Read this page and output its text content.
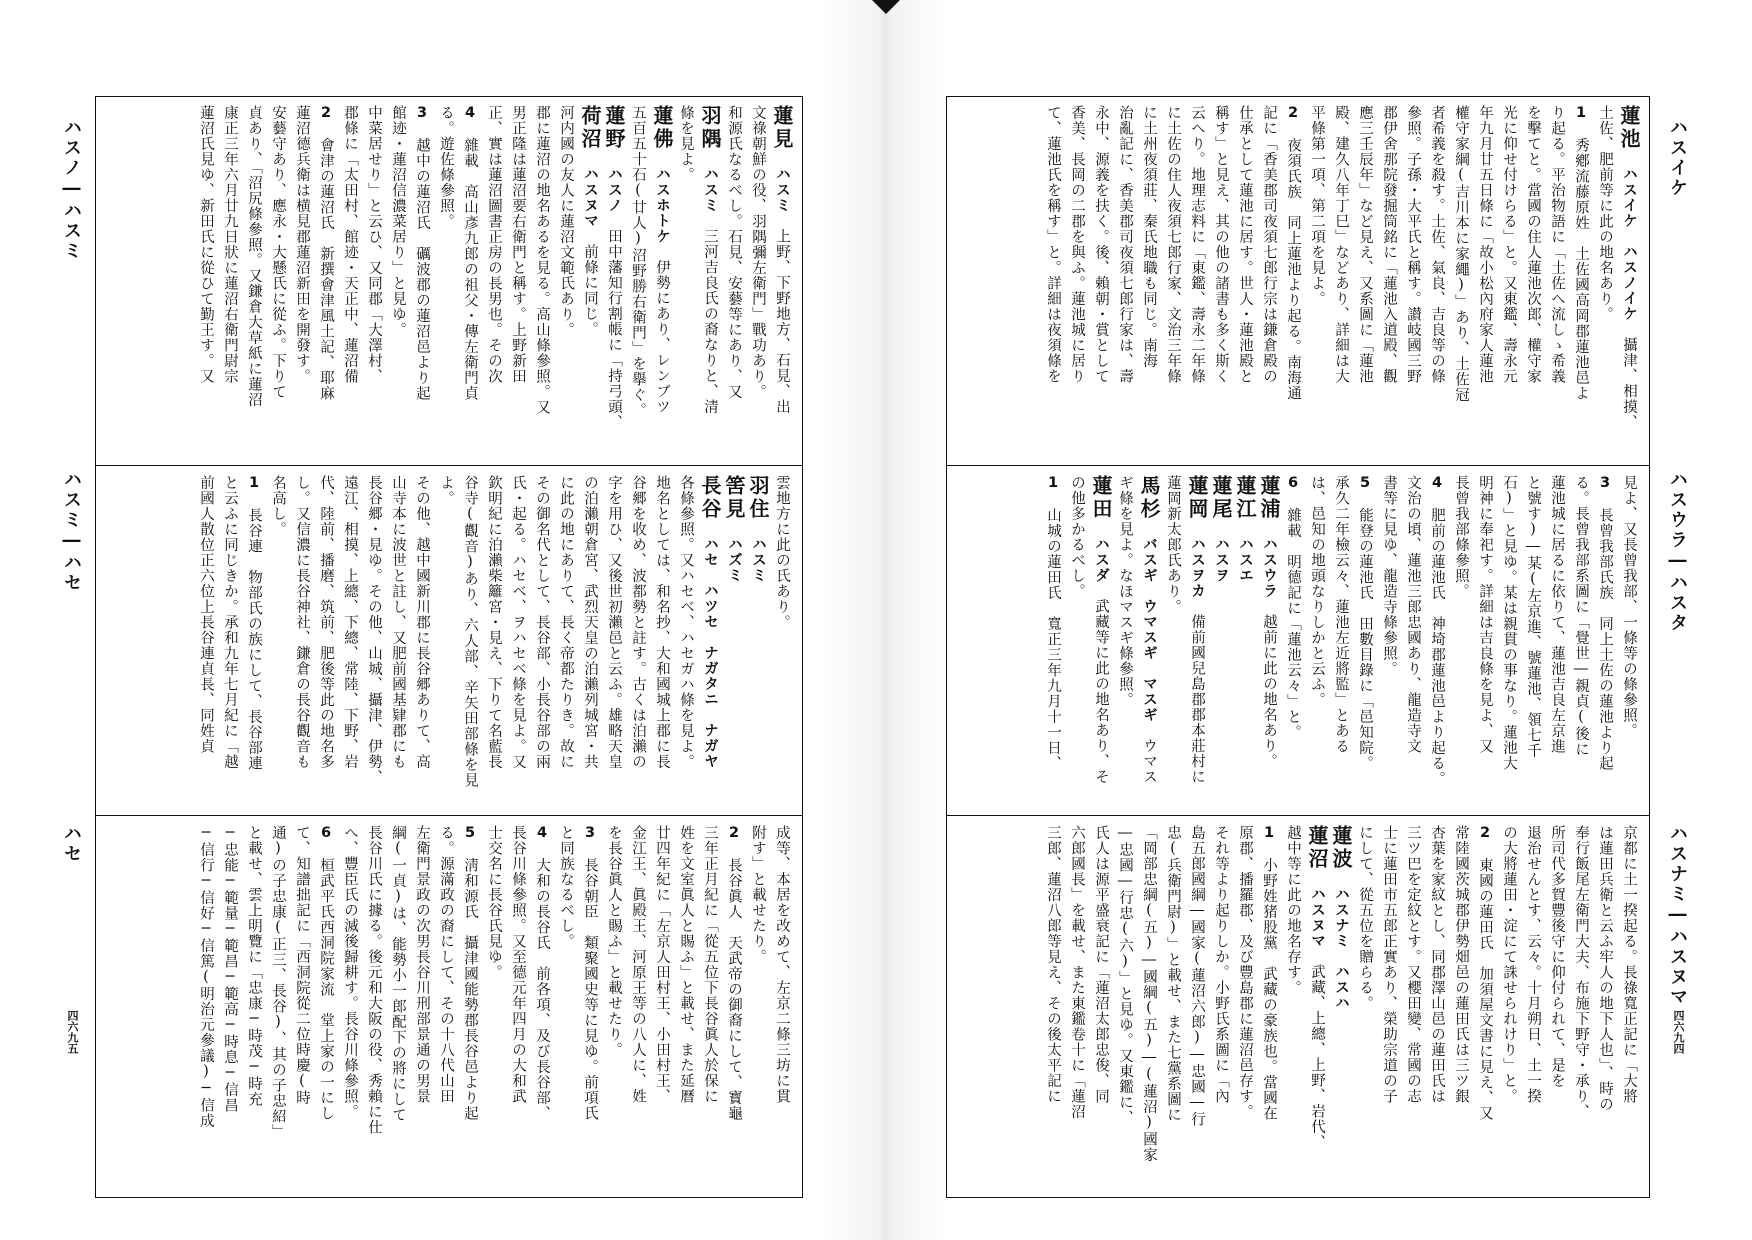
蓮見　ハスミ　上野、下野地方、石見、出

文祿朝鮮の役、羽隅彌左衛門」戰功あり。

和源氏なるべし。石見、安藝等にあり、又

羽隅　ハスミ　三河吉良氏の裔なりと、清

條を見よ。

蓮佛　ハスホトケ　伊勢にあり、レンブツ

五百五十石(廿人)沼野勝右衛門」を擧ぐ。

蓮野　ハスノ　田中藩知行割帳に「持弓頭、

荷沼　ハスヌマ　前條に同じ。

河内國の友人に蓮沼文範氏あり。

郡に蓮沼の地名あるを見る。高山條參照。又

男正隆は蓮沼要右衛門と稱す。上野新田

正、實は蓮沼圖書正房の長男也。その次

4　雜載　高山彥九郎の祖父・傳左衛門貞

る。遊佐條參照。

3　越中の蓮沼氏　礪波郡の蓮沼邑より起

館迹・蓮沼信濃菜居り」と見ゆ。

中菜居せり」と云ひ、又同郡「大澤村、

郡條に「太田村、館迹・天正中、蓮沼備

2　會津の蓮沼氏　新撰會津風土記、耶麻

蓮沼德兵衛は横見郡蓮沼新田を開發す。

安藝守あり、應永・大懸氏に從ふ。下りて

貞あり、「沼尻條參照。又鎌倉大草紙に蓮沼

康正三年六月廿九日狀に蓮沼右衛門尉宗

蓮沼氏見ゆ、新田氏に從ひて勤王す。又

雲地方に此の氏あり。

羽住　ハスミ　

筈見　ハズミ　

長谷　ハセ　ハツセ　ナガタニ　ナガヤ　

各條參照。又ハセベ、ハセガハ條を見よ。

地名としては、和名抄、大和國城上郡に長

谷郷を收め、波都勢と註す。古くは泊瀨の

字を用ひ、又後世初瀨邑と云ふ。雄略天皇

の泊瀨朝倉宮、武烈天皇の泊瀨列城宮・共

に此の地にありて、長く帝都たりき。故に

その御名代として、長谷部、小長谷部の兩

氏・起る。ハセベ、ヲハセベ條を見よ。又

欽明紀に泊瀨柴籬宮・見え、下りて名藍長

谷寺(觀音)あり、六人部、辛矢田部條を見

よ。

その他、越中國新川郡に長谷郷ありて、高

山寺本に波世と註し、又肥前國基肄郡にも

長谷郷・見ゆ。その他、山城、攝津、伊勢、

遠江、相摸、上總、下總、常陸、下野、岩

代、陸前、播磨、筑前、肥後等此の地名多

し。又信濃に長谷神社、鎌倉の長谷觀音も

名高し。

1　長谷連　物部氏の族にして、長谷部連

と云ふに同じきか。承和九年七月紀に「越

前國人散位正六位上長谷連貞長、同姓貞

成等、本居を改めて、左京二條三坊に貫

附す」と載せたり。

2　長谷眞人　天武帝の御裔にして、寳龜

三年正月紀に「從五位下長谷眞人於保に

姓を文室眞人と賜ふ」と載せ、また延曆

廿四年紀に「左京人田村王、小田村王、

金江王、眞殿王、河原王等の八人に、姓

を長谷眞人と賜ふ」と載せたり。

3　長谷朝臣　類聚國史等に見ゆ。前項氏

と同族なるべし。

4　大和の長谷氏　前各項、及び長谷部、

長谷川條參照。又至德元年四月の大和武

士交名に長谷氏見ゆ。

5　淸和源氏　攝津國能勢郡長谷邑より起

る。源滿政の裔にして、その十八代山田

左衛門景政の次男長谷川刑部景通の男景

綱(一貞)は、能勢小一郎配下の將にして

長谷川氏に據る。後元和大阪の役、秀賴に仕

へ、豐臣氏の滅後歸耕す。長谷川條參照。

6　桓武平氏西洞院家流　堂上家の一にし

て、知譜拙記に「西洞院從二位時慶(時

通)の子忠康(正三、長谷)、其の子忠紹」

と載せ、雲上明覽に「忠康─時茂─時充

─忠能─範量─範昌─範高─時息─信昌

─信行─信好─信篤(明治元參議)─信成

ハスノ―ハスミ
ハスミ―ハセ
ハセ
四六九五

蓮池　ハスイケ　ハスノイケ　攝津、相摸、

土佐、肥前等に此の地名あり。

1　秀鄕流藤原姓　土佐國高岡郡蓮池邑よ

り起る。平治物語に「土佐へ流しゝ希義

を擊てと。當國の住人蓮池次郎、權守家

光に仰せ付けらる」と。又東鑑、壽永元

年九月廿五日條に「故小松內府家人蓮池

權守家綱(吉川本に家繩)」あり、土佐冠

者希義を殺す。土佐、氣良、吉良等の條

參照。子孫・大平氏と稱す。讃岐國三野

郡伊舍那院發掘筒銘に「蓮池入道殿、觀

應三壬辰年」など見え、又系圖に「蓮池

殿、建久八年丁巳」などあり、詳細は大

平條第一項、第二項を見よ。

2　夜須氏族　同上蓮池より起る。南海通

記に「香美郡司夜須七郎行宗は鎌倉殿の

仕承として蓮池に居す。世人・蓮池殿と

稱す」と見え、其の他の諸書も多く斯く

云へり。地理志料に「東鑑、壽永二年條

に土佐の住人夜須七郎行家、文治三年條

に土州夜須莊、秦氏地職も同じ。南海

治亂記に、香美郡司夜須七郎行家は、壽

永中、源義を扶く。後、賴朝・賞として

香美、長岡の二郡を與ふ。蓮池城に居り

て、蓮池氏を稱す」と。詳細は夜須條を

見よ、又長曾我部、一條等の條參照。

3　長曾我部氏族　同上土佐の蓮池より起

る。長曾我部系圖に「覺世―親貞(後に

蓮池城に居るに依りて、蓮池吉良左京進

と號す)―某(左京進、號蓮池、領七千

石)」と見ゆ。某は親貫の事なり。蓮池大

明神に奉祀す。詳細は吉良條を見よ、又

長曾我部條參照。

4　肥前の蓮池氏　神埼郡蓮池邑より起る。

文治の頃、蓮池三郎忠國あり、龍造寺文

書等に見ゆ、龍造寺條參照。

5　能登の蓮池氏　田數目錄に「邑知院。

承久二年檢云々、蓮池左近將監」とある

は、邑知の地頭なりしかと云ふ。

6　雜載　明德記に「蓮池云々」と。

蓮浦　ハスウラ　越前に此の地名あり。

蓮江　ハスエ　

蓮尾　ハスヲ　

蓮岡　ハスヲカ　備前國兒島郡郡本莊村に

蓮岡新太郎氏あり。

馬杉　バスギ　ウマスギ　マスギ　ウマス

ギ條を見よ。なほマスギ條參照。

蓮田　ハスダ　武藏等に此の地名あり、そ

の他多かるべし。

1　山城の蓮田氏　寬正三年九月十一日、

京都に土一揆起る。長祿寬正記に「大將

は蓮田兵衛と云ふ牢人の地下人也」、時の

奉行飯尾左衛門大夫、布施下野守・承り、

所司代多賀豐後守に仰付られて、是を

退治せんとす、云々。十月朔日、土一揆

の大將蓮田・淀にて誅せられけり」と。

2　東國の蓮田氏　加須屋文書に見え、又

常陸國茨城郡伊勢畑邑の蓮田氏は三ツ銀

杏葉を家紋とし、同郡澤山邑の蓮田氏は

三ツ巴を定紋とす。又櫻田變、常國の志

士に蓮田市五郎正實あり、榮助宗道の子

にして、從五位を贈らる。

蓮波　ハスナミ　ハスハ　

蓮沼　ハスヌマ　武藏、上總、上野、岩代、

越中等に此の地名存す。

1　小野姓猪股黨　武藏の豪族也。當國在

原郡、播羅郡、及び豐島郡に蓮沼邑存す。

それ等より起りしか。小野氏系圖に「內

島五郎國綱―國家(蓮沼六郎)―忠國―行

忠(兵衛門尉)」と載せ、また七黨系圖に

「岡部忠綱(五)―國綱(五)―(蓮沼)國家

―忠國―行忠(六)」と見ゆ。又東鑑に、

氏人は源平盛衰記に「蓮沼太郎忠俊、同

六郎國長」を載せ、また東鑑卷十に「蓮沼

三郎、蓮沼八郎等見え、その後太平記に

ハスイケ
ハスウラ―ハスタ
ハスナミ―ハスヌマ
四六九四
